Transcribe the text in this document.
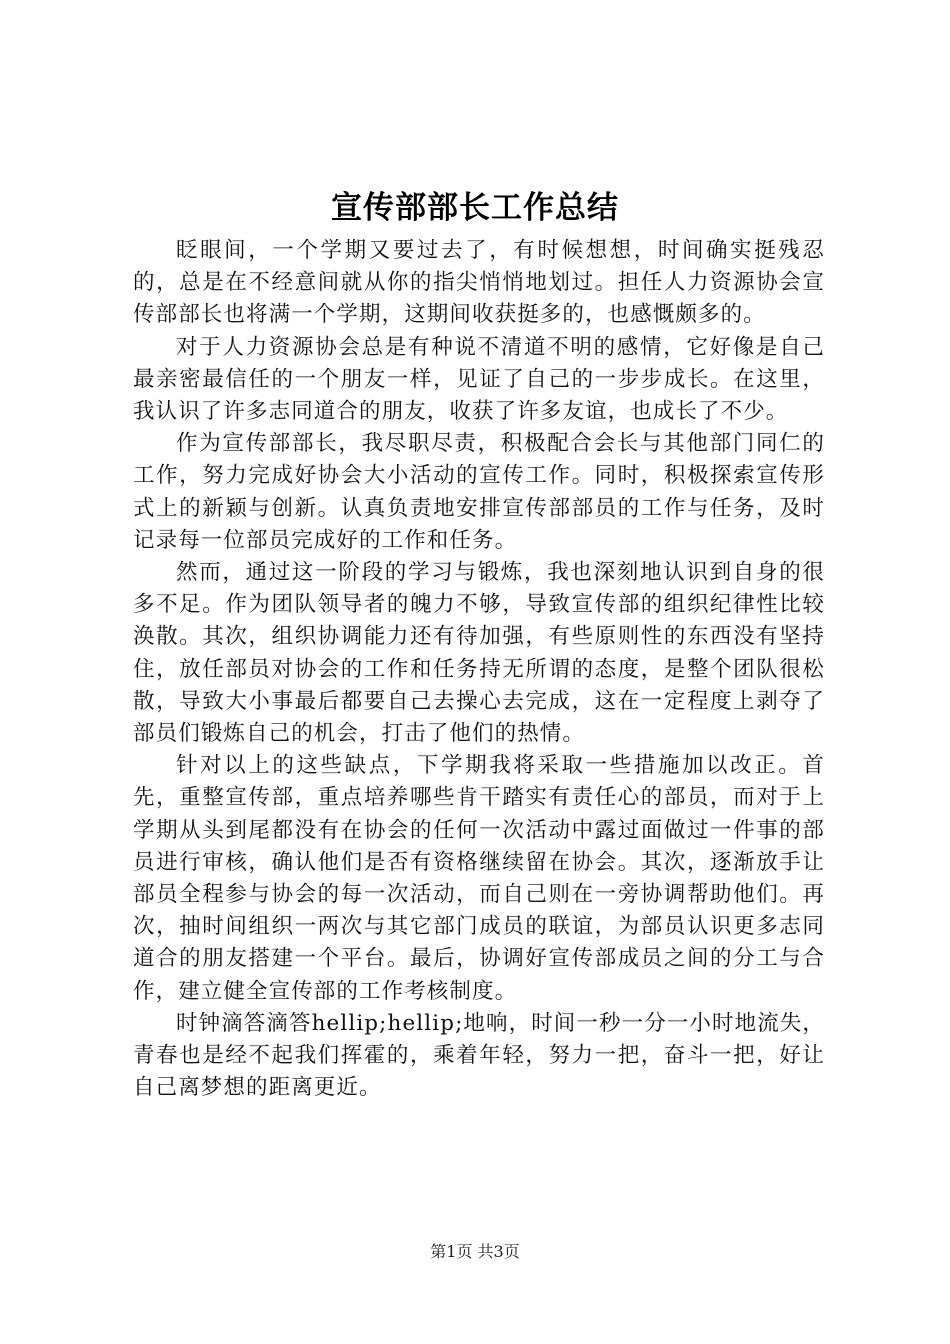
宣传部部长工作总结

眨眼间，一个学期又要过去了，有时候想想，时间确实挺残忍的，总是在不经意间就从你的指尖悄悄地划过。担任人力资源协会宣传部部长也将满一个学期，这期间收获挺多的，也感慨颇多的。

对于人力资源协会总是有种说不清道不明的感情，它好像是自己最亲密最信任的一个朋友一样，见证了自己的一步步成长。在这里，我认识了许多志同道合的朋友，收获了许多友谊，也成长了不少。

作为宣传部部长，我尽职尽责，积极配合会长与其他部门同仁的工作，努力完成好协会大小活动的宣传工作。同时，积极探索宣传形式上的新颖与创新。认真负责地安排宣传部部员的工作与任务，及时记录每一位部员完成好的工作和任务。

然而，通过这一阶段的学习与锻炼，我也深刻地认识到自身的很多不足。作为团队领导者的魄力不够，导致宣传部的组织纪律性比较涣散。其次，组织协调能力还有待加强，有些原则性的东西没有坚持住，放任部员对协会的工作和任务持无所谓的态度，是整个团队很松散，导致大小事最后都要自己去操心去完成，这在一定程度上剥夺了部员们锻炼自己的机会，打击了他们的热情。

针对以上的这些缺点，下学期我将采取一些措施加以改正。首先，重整宣传部，重点培养哪些肯干踏实有责任心的部员，而对于上学期从头到尾都没有在协会的任何一次活动中露过面做过一件事的部员进行审核，确认他们是否有资格继续留在协会。其次，逐渐放手让部员全程参与协会的每一次活动，而自己则在一旁协调帮助他们。再次，抽时间组织一两次与其它部门成员的联谊，为部员认识更多志同道合的朋友搭建一个平台。最后，协调好宣传部成员之间的分工与合作，建立健全宣传部的工作考核制度。

时钟滴答滴答hellip;hellip;地响，时间一秒一分一小时地流失，青春也是经不起我们挥霍的，乘着年轻，努力一把，奋斗一把，好让自己离梦想的距离更近。

第1页 共3页
